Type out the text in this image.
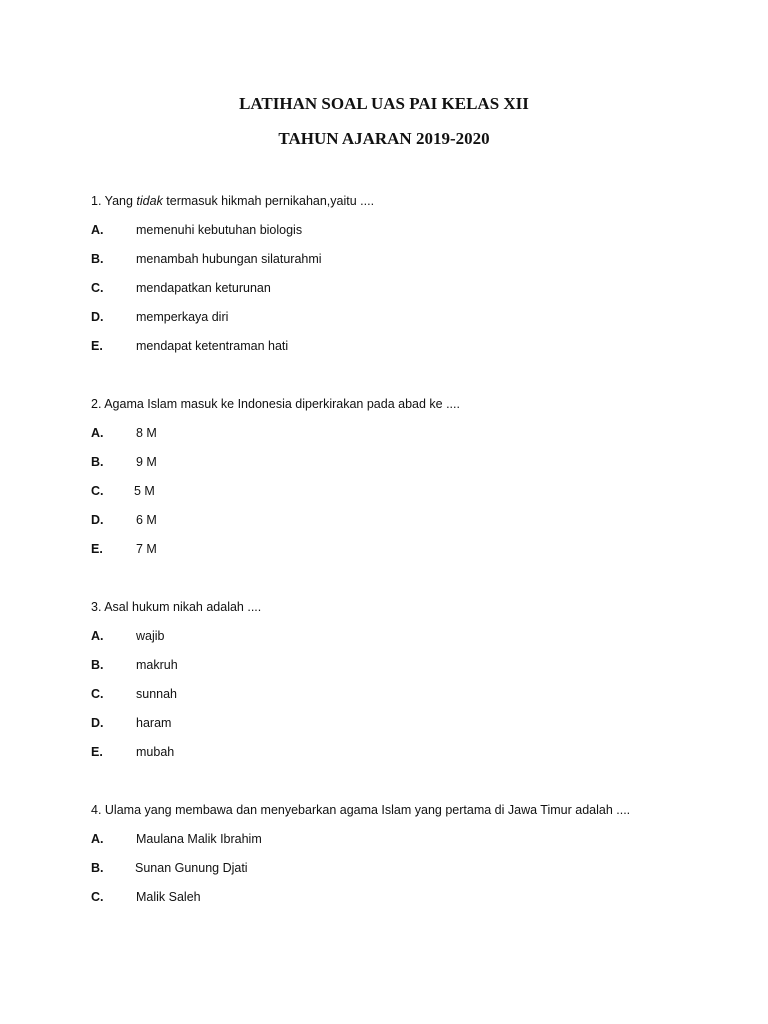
LATIHAN SOAL UAS PAI KELAS XII
TAHUN AJARAN 2019-2020
1. Yang tidak termasuk hikmah pernikahan,yaitu ....
A.	memenuhi kebutuhan biologis
B.	menambah hubungan silaturahmi
C.	mendapatkan keturunan
D.	memperkaya diri
E.	mendapat ketentraman hati
2. Agama Islam masuk ke Indonesia diperkirakan pada abad ke ....
A.	8 M
B.	9 M
C. 5 M
D.	6 M
E.	7 M
3. Asal hukum nikah adalah ....
A.	wajib
B.	makruh
C.	sunnah
D.	haram
E.	mubah
4. Ulama yang membawa dan menyebarkan agama Islam yang pertama di Jawa Timur adalah ....
A.	Maulana Malik Ibrahim
B.	Sunan Gunung Djati
C.	Malik Saleh
